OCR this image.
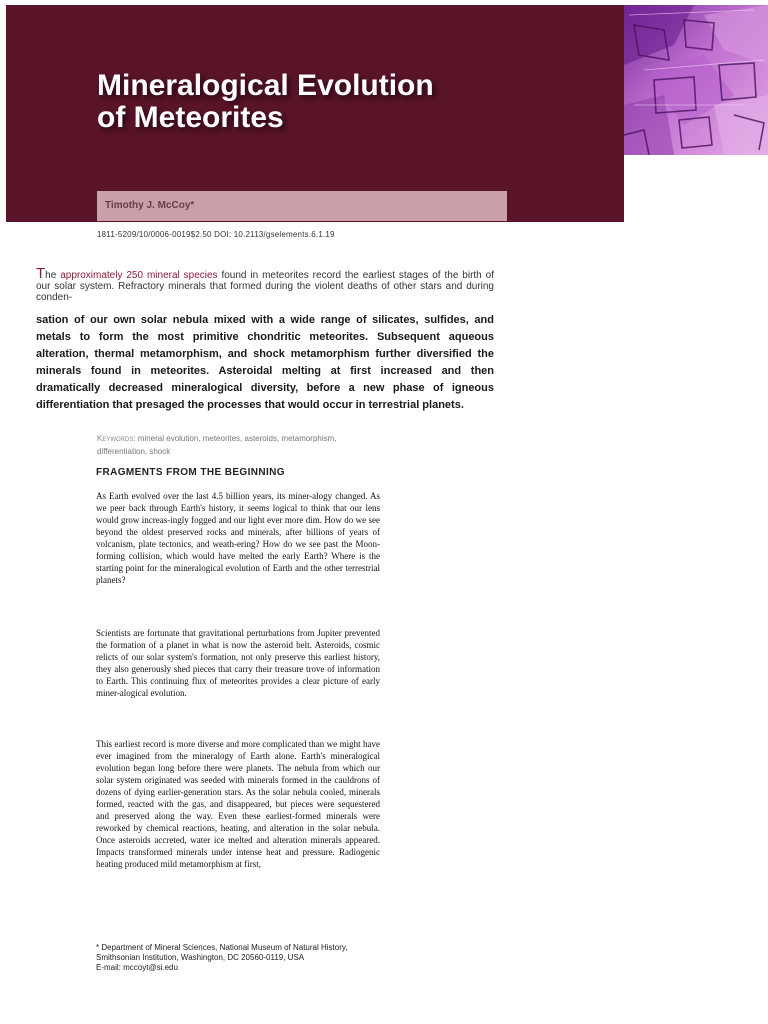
Mineralogical Evolution
of Meteorites
Timothy J. McCoy*
1811-5209/10/0006-0019$2.50 DOI: 10.2113/gselements.6.1.19

The approximately 250 mineral species found in meteorites record the earliest stages of the birth of our solar system. Refractory minerals that formed during the violent deaths of other stars and during conden-

sation of our own solar nebula mixed with a wide range of silicates, sulfides, and metals to form the most primitive chondritic meteorites. Subsequent aqueous alteration, thermal metamorphism, and shock metamorphism further diversified the minerals found in meteorites. Asteroidal melting at first increased and then dramatically decreased mineralogical diversity, before a new phase of igneous differentiation that presaged the processes that would occur in terrestrial planets.

Keywords: mineral evolution, meteorites, asteroids, metamorphism, differentiation, shock

FRAGMENTS FROM THE BEGINNING

As Earth evolved over the last 4.5 billion years, its miner-alogy changed. As we peer back through Earth's history, it seems logical to think that our lens would grow increas-ingly fogged and our light ever more dim. How do we see beyond the oldest preserved rocks and minerals, after billions of years of volcanism, plate tectonics, and weath-ering? How do we see past the Moon-forming collision, which would have melted the early Earth? Where is the starting point for the mineralogical evolution of Earth and the other terrestrial planets?

Scientists are fortunate that gravitational perturbations from Jupiter prevented the formation of a planet in what is now the asteroid belt. Asteroids, cosmic relicts of our solar system's formation, not only preserve this earliest history, they also generously shed pieces that carry their treasure trove of information to Earth. This continuing flux of meteorites provides a clear picture of early miner-alogical evolution.

This earliest record is more diverse and more complicated than we might have ever imagined from the mineralogy of Earth alone. Earth's mineralogical evolution began long before there were planets. The nebula from which our solar system originated was seeded with minerals formed in the cauldrons of dozens of dying earlier-generation stars. As the solar nebula cooled, minerals formed, reacted with the gas, and disappeared, but pieces were sequestered and preserved along the way. Even these earliest-formed minerals were reworked by chemical reactions, heating, and alteration in the solar nebula. Once asteroids accreted, water ice melted and alteration minerals appeared. Impacts transformed minerals under intense heat and pressure. Radiogenic heating produced mild metamorphism at first,

* Department of Mineral Sciences, National Museum of Natural History, Smithsonian Institution, Washington, DC 20560-0119, USA
E-mail: mccoyt@si.edu
